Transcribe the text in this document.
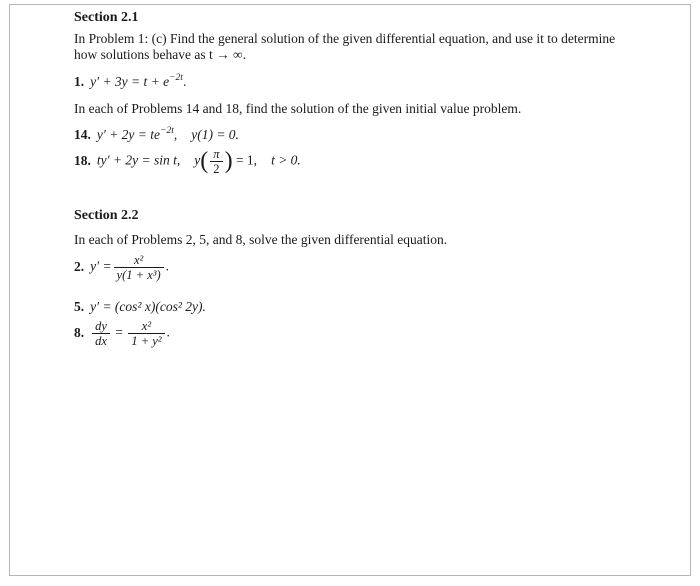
Section 2.1
In Problem 1: (c) Find the general solution of the given differential equation, and use it to determine
how solutions behave as t → ∞.
1. $y' + 3y = t + e^{-2t}$.
In each of Problems 14 and 18, find the solution of the given initial value problem.
14. $y' + 2y = te^{-2t}$, y(1) = 0.
18. ty′ + 2y = sin t, $y( \frac{\pi}{2}$ ) = 1, t > 0.
Section 2.2
In each of Problems 2, 5, and 8, solve the given differential equation.
2. $y' = \frac{\text{x²}}{\text{y(1 + x³)}}$ .
5. y′ = (cos² x)(cos² 2y).
8. $\frac{dy}{dx} = \frac{\text{x²}}{\text{1 + y²}}$ .
